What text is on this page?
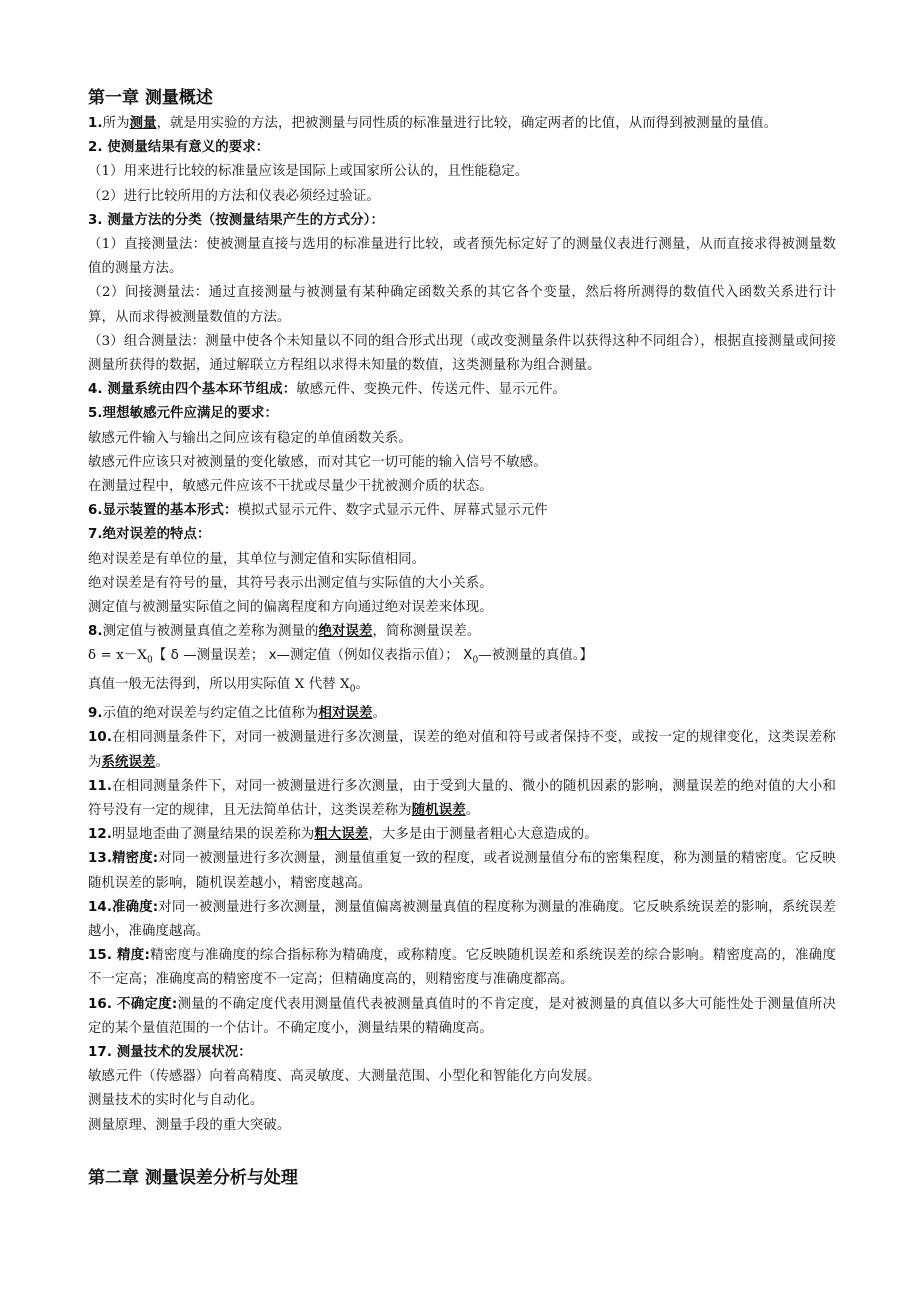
第一章 测量概述

1.所为测量，就是用实验的方法，把被测量与同性质的标准量进行比较，确定两者的比值，从而得到被测量的量值。

2. 使测量结果有意义的要求：

（1）用来进行比较的标准量应该是国际上或国家所公认的，且性能稳定。

（2）进行比较所用的方法和仪表必须经过验证。

3. 测量方法的分类（按测量结果产生的方式分）：

（1）直接测量法：使被测量直接与选用的标准量进行比较，或者预先标定好了的测量仪表进行测量，从而直接求得被测量数值的测量方法。

（2）间接测量法：通过直接测量与被测量有某种确定函数关系的其它各个变量，然后将所测得的数值代入函数关系进行计算，从而求得被测量数值的方法。

（3）组合测量法：测量中使各个未知量以不同的组合形式出现（或改变测量条件以获得这种不同组合），根据直接测量或间接测量所获得的数据，通过解联立方程组以求得未知量的数值，这类测量称为组合测量。

4. 测量系统由四个基本环节组成：敏感元件、变换元件、传送元件、显示元件。

5.理想敏感元件应满足的要求：

敏感元件输入与输出之间应该有稳定的单值函数关系。

敏感元件应该只对被测量的变化敏感，而对其它一切可能的输入信号不敏感。

在测量过程中，敏感元件应该不干扰或尽量少干扰被测介质的状态。

6.显示装置的基本形式：模拟式显示元件、数字式显示元件、屏幕式显示元件

7.绝对误差的特点：

绝对误差是有单位的量，其单位与测定值和实际值相同。

绝对误差是有符号的量，其符号表示出测定值与实际值的大小关系。

测定值与被测量实际值之间的偏离程度和方向通过绝对误差来体现。

8.测定值与被测量真值之差称为测量的绝对误差，简称测量误差。

$\delta = x-X_0$【 δ —测量误差； x—测定值（例如仪表指示值）； $X_0—$被测量的真值。】

真值一般无法得到，所以用实际值 X 代替 $X_0$。

9.示值的绝对误差与约定值之比值称为相对误差。

10.在相同测量条件下，对同一被测量进行多次测量，误差的绝对值和符号或者保持不变，或按一定的规律变化，这类误差称为系统误差。

11.在相同测量条件下，对同一被测量进行多次测量，由于受到大量的、微小的随机因素的影响，测量误差的绝对值的大小和符号没有一定的规律，且无法简单估计，这类误差称为随机误差。

12.明显地歪曲了测量结果的误差称为粗大误差，大多是由于测量者粗心大意造成的。

13.精密度:对同一被测量进行多次测量，测量值重复一致的程度，或者说测量值分布的密集程度，称为测量的精密度。它反映随机误差的影响，随机误差越小，精密度越高。

14.准确度:对同一被测量进行多次测量，测量值偏离被测量真值的程度称为测量的准确度。它反映系统误差的影响，系统误差越小，准确度越高。

15. 精度:精密度与准确度的综合指标称为精确度，或称精度。它反映随机误差和系统误差的综合影响。精密度高的，准确度不一定高；准确度高的精密度不一定高；但精确度高的，则精密度与准确度都高。

16. 不确定度:测量的不确定度代表用测量值代表被测量真值时的不肯定度，是对被测量的真值以多大可能性处于测量值所决定的某个量值范围的一个估计。不确定度小，测量结果的精确度高。

17. 测量技术的发展状况：

敏感元件（传感器）向着高精度、高灵敏度、大测量范围、小型化和智能化方向发展。

测量技术的实时化与自动化。

测量原理、测量手段的重大突破。

第二章 测量误差分析与处理
